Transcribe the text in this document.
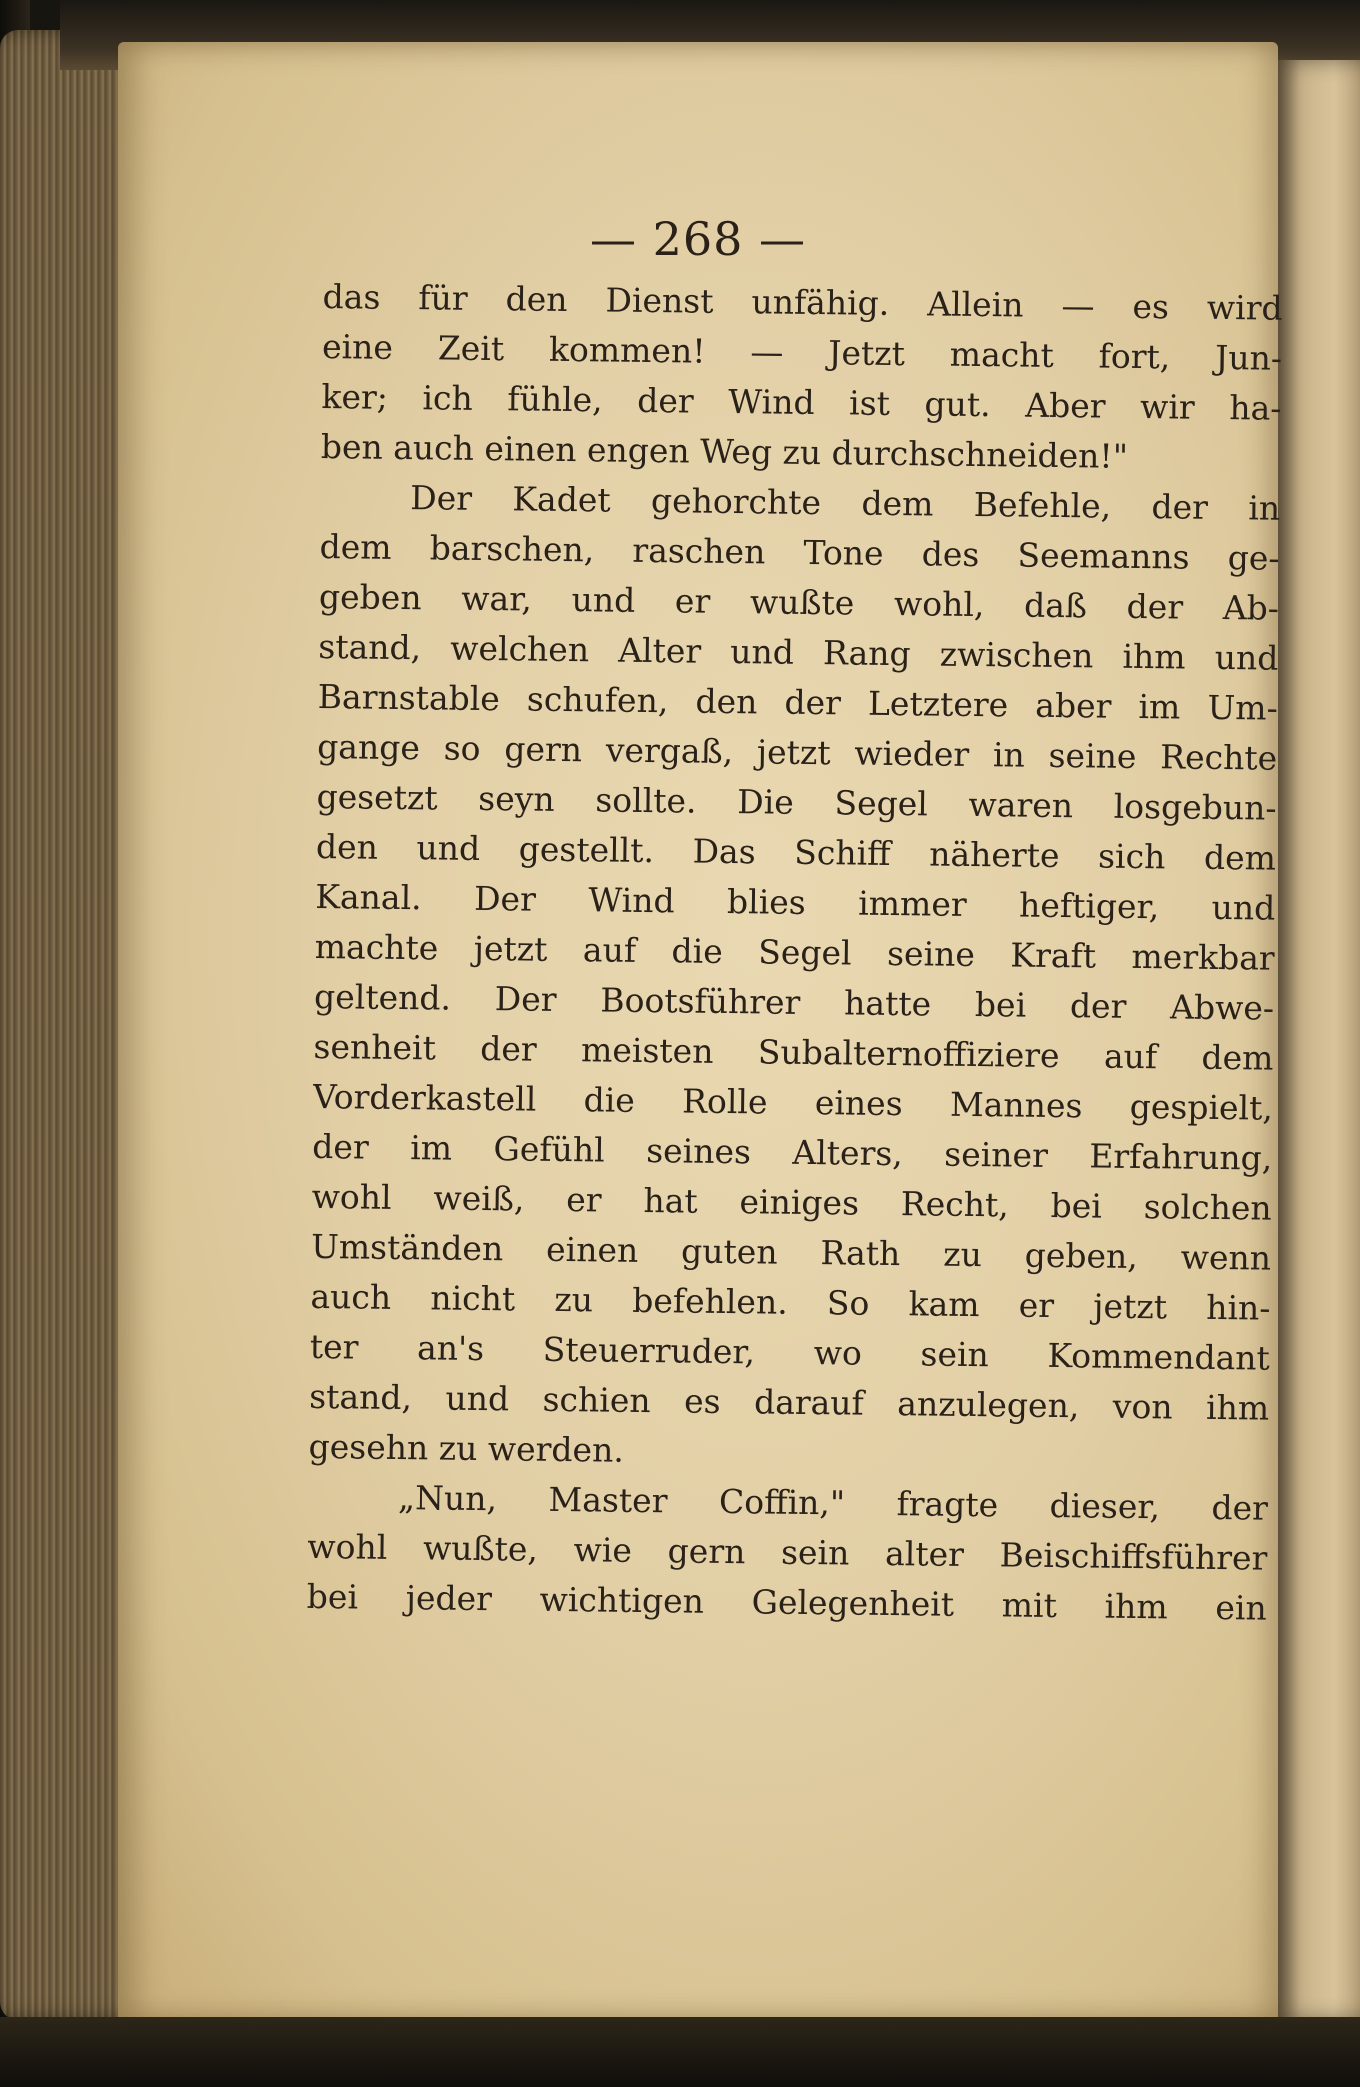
— 268 —
das für den Dienst unfähig. Allein — es wird
eine Zeit kommen! — Jetzt macht fort, Jun-
ker; ich fühle, der Wind ist gut. Aber wir ha-
ben auch einen engen Weg zu durchschneiden!"
Der Kadet gehorchte dem Befehle, der in
dem barschen, raschen Tone des Seemanns ge-
geben war, und er wußte wohl, daß der Ab-
stand, welchen Alter und Rang zwischen ihm und
Barnstable schufen, den der Letztere aber im Um-
gange so gern vergaß, jetzt wieder in seine Rechte
gesetzt seyn sollte. Die Segel waren losgebun-
den und gestellt. Das Schiff näherte sich dem
Kanal. Der Wind blies immer heftiger, und
machte jetzt auf die Segel seine Kraft merkbar
geltend. Der Bootsführer hatte bei der Abwe-
senheit der meisten Subalternoffiziere auf dem
Vorderkastell die Rolle eines Mannes gespielt,
der im Gefühl seines Alters, seiner Erfahrung,
wohl weiß, er hat einiges Recht, bei solchen
Umständen einen guten Rath zu geben, wenn
auch nicht zu befehlen. So kam er jetzt hin-
ter an's Steuerruder, wo sein Kommendant
stand, und schien es darauf anzulegen, von ihm
gesehn zu werden.
„Nun, Master Coffin," fragte dieser, der
wohl wußte, wie gern sein alter Beischiffsführer
bei jeder wichtigen Gelegenheit mit ihm ein
